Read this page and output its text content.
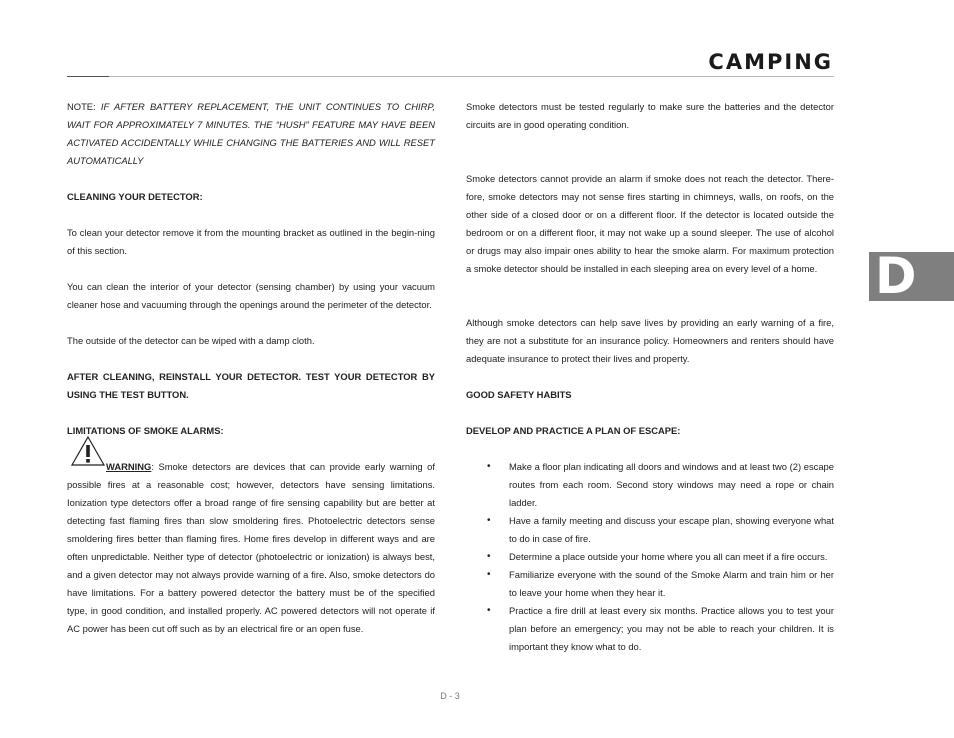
CAMPING

NOTE: IF AFTER BATTERY REPLACEMENT, THE UNIT CONTINUES TO CHIRP, WAIT FOR APPROXIMATELY 7 MINUTES. THE “HUSH” FEATURE MAY HAVE BEEN ACTIVATED ACCIDENTALLY WHILE CHANGING THE BATTERIES AND WILL RESET AUTOMATICALLY

CLEANING YOUR DETECTOR:

To clean your detector remove it from the mounting bracket as outlined in the begin-ning of this section.

You can clean the interior of your detector (sensing chamber) by using your vacuum cleaner hose and vacuuming through the openings around the perimeter of the detector.

The outside of the detector can be wiped with a damp cloth.

AFTER CLEANING, REINSTALL YOUR DETECTOR. TEST YOUR DETECTOR BY USING THE TEST BUTTON.

LIMITATIONS OF SMOKE ALARMS:

WARNING: Smoke detectors are devices that can provide early warning of possible fires at a reasonable cost; however, detectors have sensing limitations. Ionization type detectors offer a broad range of fire sensing capability but are better at detecting fast flaming fires than slow smoldering fires. Photoelectric detectors sense smoldering fires better than flaming fires. Home fires develop in different ways and are often unpredictable. Neither type of detector (photoelectric or ionization) is always best, and a given detector may not always provide warning of a fire. Also, smoke detectors do have limitations. For a battery powered detector the battery must be of the specified type, in good condition, and installed properly. AC powered detectors will not operate if AC power has been cut off such as by an electrical fire or an open fuse.

Smoke detectors must be tested regularly to make sure the batteries and the detector circuits are in good operating condition.

Smoke detectors cannot provide an alarm if smoke does not reach the detector. There-fore, smoke detectors may not sense fires starting in chimneys, walls, on roofs, on the other side of a closed door or on a different floor. If the detector is located outside the bedroom or on a different floor, it may not wake up a sound sleeper. The use of alcohol or drugs may also impair ones ability to hear the smoke alarm. For maximum protection a smoke detector should be installed in each sleeping area on every level of a home.

Although smoke detectors can help save lives by providing an early warning of a fire, they are not a substitute for an insurance policy. Homeowners and renters should have adequate insurance to protect their lives and property.

GOOD SAFETY HABITS

DEVELOP AND PRACTICE A PLAN OF ESCAPE:

• Make a floor plan indicating all doors and windows and at least two (2) escape routes from each room. Second story windows may need a rope or chain ladder.
• Have a family meeting and discuss your escape plan, showing everyone what to do in case of fire.
• Determine a place outside your home where you all can meet if a fire occurs.
• Familiarize everyone with the sound of the Smoke Alarm and train him or her to leave your home when they hear it.
• Practice a fire drill at least every six months. Practice allows you to test your plan before an emergency; you may not be able to reach your children. It is important they know what to do.
D
D - 3
